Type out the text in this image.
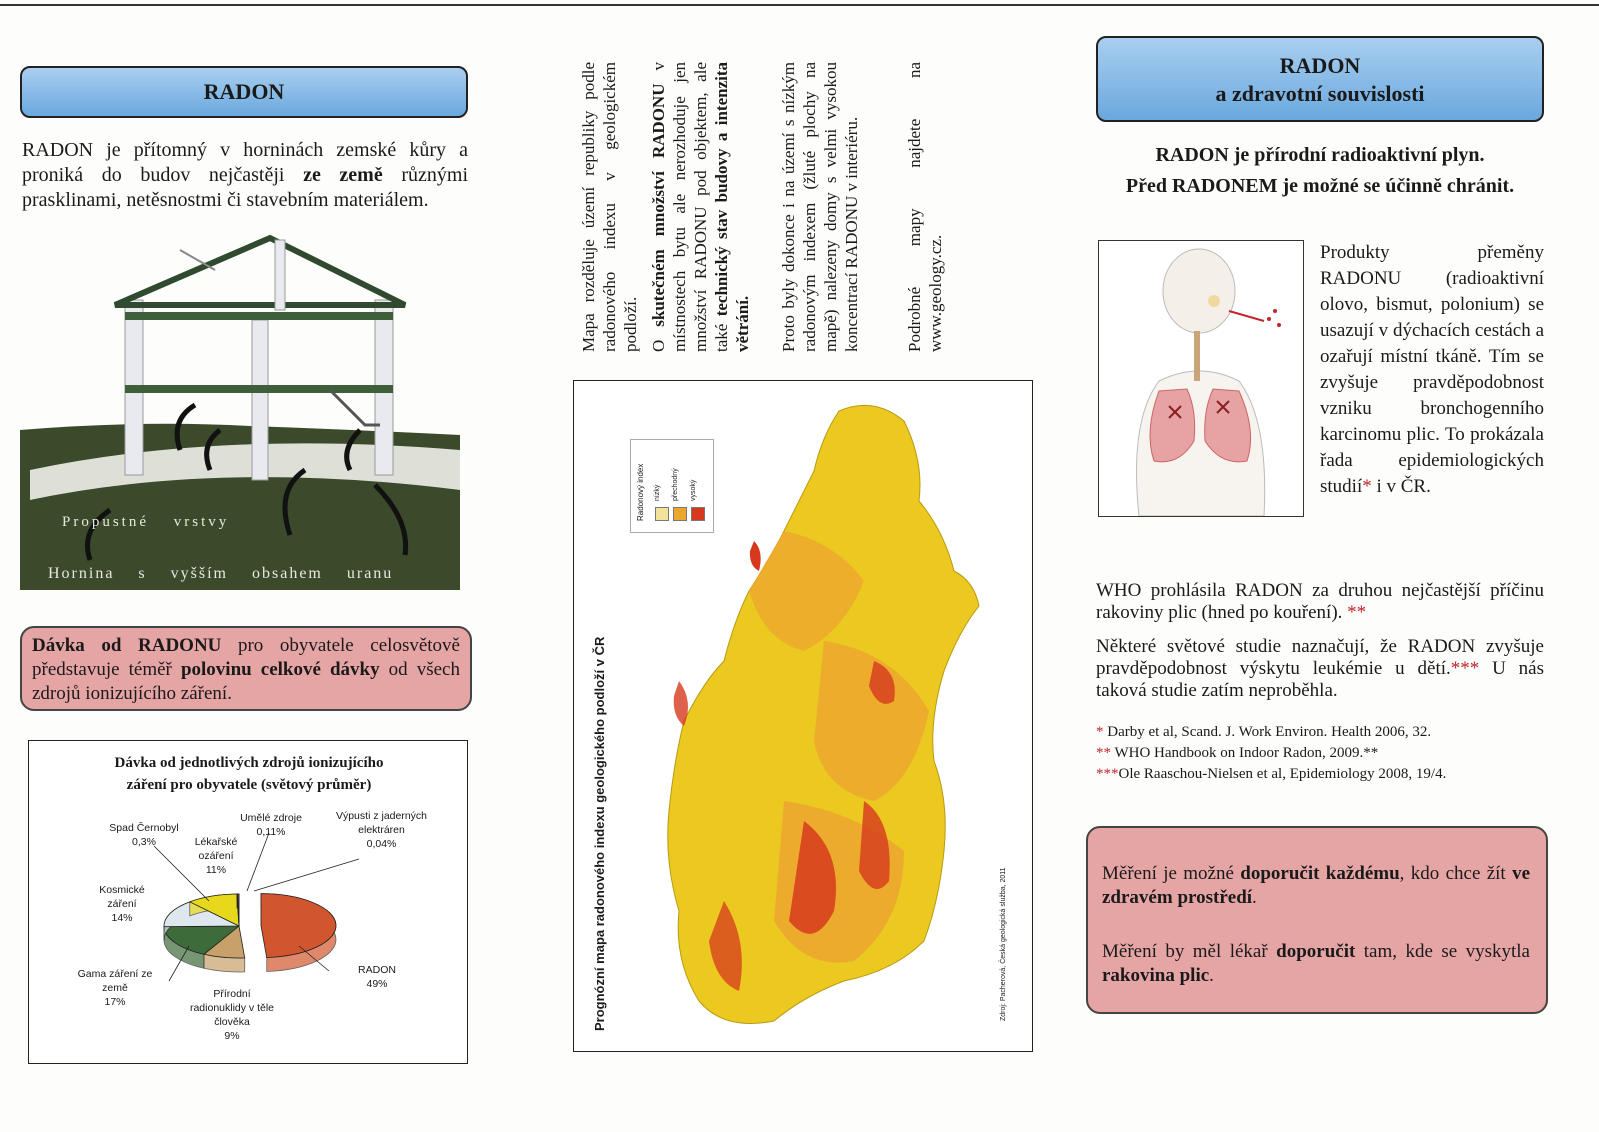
RADON

RADON je přítomný v horninách zemské kůry a proniká do budov nejčastěji ze země různými prasklinami, netěsnostmi či stavebním materiálem.

Propustné vrstvy
Hornina s vyšším obsahem uranu

Dávka od RADONU pro obyvatele celosvětově představuje téměř polovinu celkové dávky od všech zdrojů ionizujícího záření.

Dávka od jednotlivých zdrojů ionizujícího
záření pro obyvatele (světový průměr)
Spad Černobyl
0,3%
Umělé zdroje
0,11%
Lékařské ozáření
11%
Výpusti z jaderných elektráren
0,04%
Kosmické záření
14%
Gama záření ze země
17%
Přírodní radionuklidy v těle člověka
9%
RADON
49%
Mapa rozděluje území republiky podle radonového indexu v geologickém podloží. O skutečném množství RADONU v místnostech bytu ale nerozhoduje jen množství RADONU pod objektem, ale také technický stav budovy a intenzita větrání. Proto byly dokonce i na území s nízkým radonovým indexem (žluté plochy na mapě) nalezeny domy s velmi vysokou koncentrací RADONU v interiéru.	Podrobné mapy najdete na www.geology.cz.
Radonový index nízký přechodný vysoký
Prognózní mapa radonového indexu geologického podloží v ČR	Zdroj: Pacherová, Česká geologická služba, 2011
RADON
a zdravotní souvislosti
RADON je přírodní radioaktivní plyn.
Před RADONEM je možné se účinně chránit.

Produkty přeměny RADONU (radioaktivní olovo, bismut, polonium) se usazují v dýchacích cestách a ozařují místní tkáně. Tím se zvyšuje pravděpodobnost vzniku bronchogenního karcinomu plic. To prokázala řada epidemiologických studií* i v ČR.

WHO prohlásila RADON za druhou nejčastější příčinu rakoviny plic (hned po kouření). **

Některé světové studie naznačují, že RADON zvyšuje pravděpodobnost výskytu leukémie u dětí.*** U nás taková studie zatím neproběhla.

* Darby et al, Scand. J. Work Environ. Health 2006, 32.
** WHO Handbook on Indoor Radon, 2009.**
***Ole Raaschou-Nielsen et al, Epidemiology 2008, 19/4.

Měření je možné doporučit každému, kdo chce žít ve zdravém prostředí.

Měření by měl lékař doporučit tam, kde se vyskytla rakovina plic.
